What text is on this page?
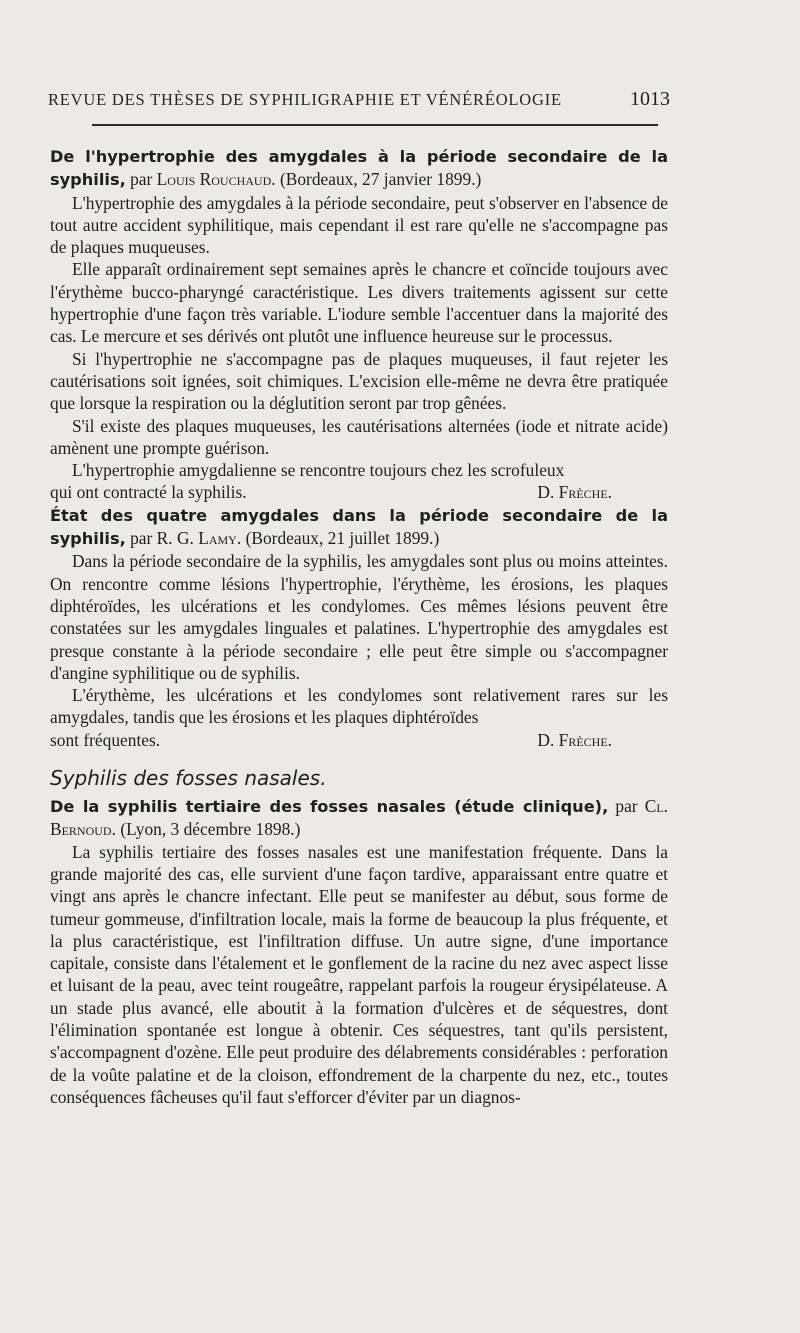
REVUE DES THÈSES DE SYPHILIGRAPHIE ET VÉNÉRÉOLOGIE	1013

De l'hypertrophie des amygdales à la période secondaire de la syphilis, par Louis Rouchaud. (Bordeaux, 27 janvier 1899.)

L'hypertrophie des amygdales à la période secondaire, peut s'observer en l'absence de tout autre accident syphilitique, mais cependant il est rare qu'elle ne s'accompagne pas de plaques muqueuses.

Elle apparaît ordinairement sept semaines après le chancre et coïncide toujours avec l'érythème bucco-pharyngé caractéristique. Les divers traitements agissent sur cette hypertrophie d'une façon très variable. L'iodure semble l'accentuer dans la majorité des cas. Le mercure et ses dérivés ont plutôt une influence heureuse sur le processus.

Si l'hypertrophie ne s'accompagne pas de plaques muqueuses, il faut rejeter les cautérisations soit ignées, soit chimiques. L'excision elle-même ne devra être pratiquée que lorsque la respiration ou la déglutition seront par trop gênées.

S'il existe des plaques muqueuses, les cautérisations alternées (iode et nitrate acide) amènent une prompte guérison.

L'hypertrophie amygdalienne se rencontre toujours chez les scrofuleux

qui ont contracté la syphilis.	D. Frèche.

État des quatre amygdales dans la période secondaire de la syphilis, par R. G. Lamy. (Bordeaux, 21 juillet 1899.)

Dans la période secondaire de la syphilis, les amygdales sont plus ou moins atteintes. On rencontre comme lésions l'hypertrophie, l'érythème, les érosions, les plaques diphtéroïdes, les ulcérations et les condylomes. Ces mêmes lésions peuvent être constatées sur les amygdales linguales et palatines. L'hypertrophie des amygdales est presque constante à la période secondaire ; elle peut être simple ou s'accompagner d'angine syphilitique ou de syphilis.

L'érythème, les ulcérations et les condylomes sont relativement rares sur les amygdales, tandis que les érosions et les plaques diphtéroïdes

sont fréquentes.	D. Frèche.

Syphilis des fosses nasales.

De la syphilis tertiaire des fosses nasales (étude clinique), par Cl. Bernoud. (Lyon, 3 décembre 1898.)

La syphilis tertiaire des fosses nasales est une manifestation fréquente. Dans la grande majorité des cas, elle survient d'une façon tardive, apparaissant entre quatre et vingt ans après le chancre infectant. Elle peut se manifester au début, sous forme de tumeur gommeuse, d'infiltration locale, mais la forme de beaucoup la plus fréquente, et la plus caractéristique, est l'infiltration diffuse. Un autre signe, d'une importance capitale, consiste dans l'étalement et le gonflement de la racine du nez avec aspect lisse et luisant de la peau, avec teint rougeâtre, rappelant parfois la rougeur érysipélateuse. A un stade plus avancé, elle aboutit à la formation d'ulcères et de séquestres, dont l'élimination spontanée est longue à obtenir. Ces séquestres, tant qu'ils persistent, s'accompagnent d'ozène. Elle peut produire des délabrements considérables : perforation de la voûte palatine et de la cloison, effondrement de la charpente du nez, etc., toutes conséquences fâcheuses qu'il faut s'efforcer d'éviter par un diagnos-
